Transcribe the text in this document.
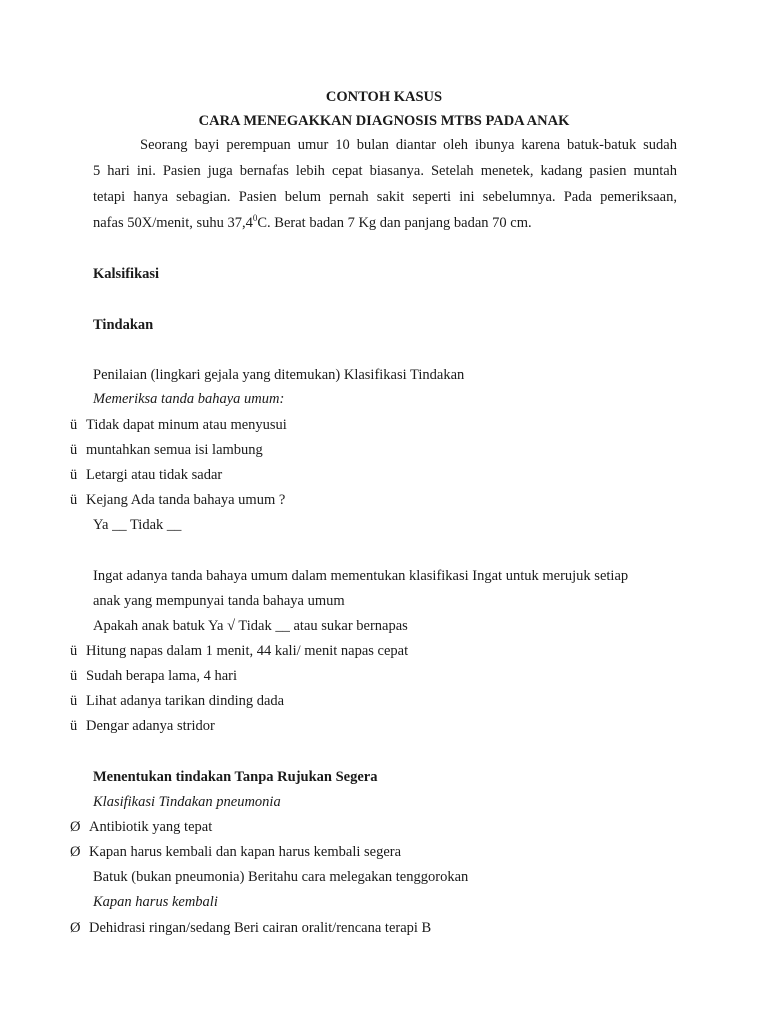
CONTOH KASUS
CARA MENEGAKKAN DIAGNOSIS MTBS PADA ANAK
Seorang bayi perempuan umur 10 bulan diantar oleh ibunya karena batuk-batuk sudah
5 hari ini. Pasien juga bernafas lebih cepat biasanya. Setelah menetek, kadang pasien muntah
tetapi hanya sebagian. Pasien belum pernah sakit seperti ini sebelumnya. Pada pemeriksaan,
nafas 50X/menit, suhu 37,4$^0$C. Berat badan 7 Kg dan panjang badan 70 cm.
Kalsifikasi
Tindakan
Penilaian (lingkari gejala yang ditemukan) Klasifikasi Tindakan
Memeriksa tanda bahaya umum:
ü Tidak dapat minum atau menyusui
ü muntahkan semua isi lambung
ü Letargi atau tidak sadar
ü Kejang Ada tanda bahaya umum ?
Ya __ Tidak __
Ingat adanya tanda bahaya umum dalam mementukan klasifikasi Ingat untuk merujuk setiap
anak yang mempunyai tanda bahaya umum
Apakah anak batuk Ya √ Tidak __ atau sukar bernapas
ü Hitung napas dalam 1 menit, 44 kali/ menit napas cepat
ü Sudah berapa lama, 4 hari
ü Lihat adanya tarikan dinding dada
ü Dengar adanya stridor
Menentukan tindakan Tanpa Rujukan Segera
Klasifikasi Tindakan pneumonia
Ø Antibiotik yang tepat
Ø Kapan harus kembali dan kapan harus kembali segera
Batuk (bukan pneumonia) Beritahu cara melegakan tenggorokan
Kapan harus kembali
Ø Dehidrasi ringan/sedang Beri cairan oralit/rencana terapi B
